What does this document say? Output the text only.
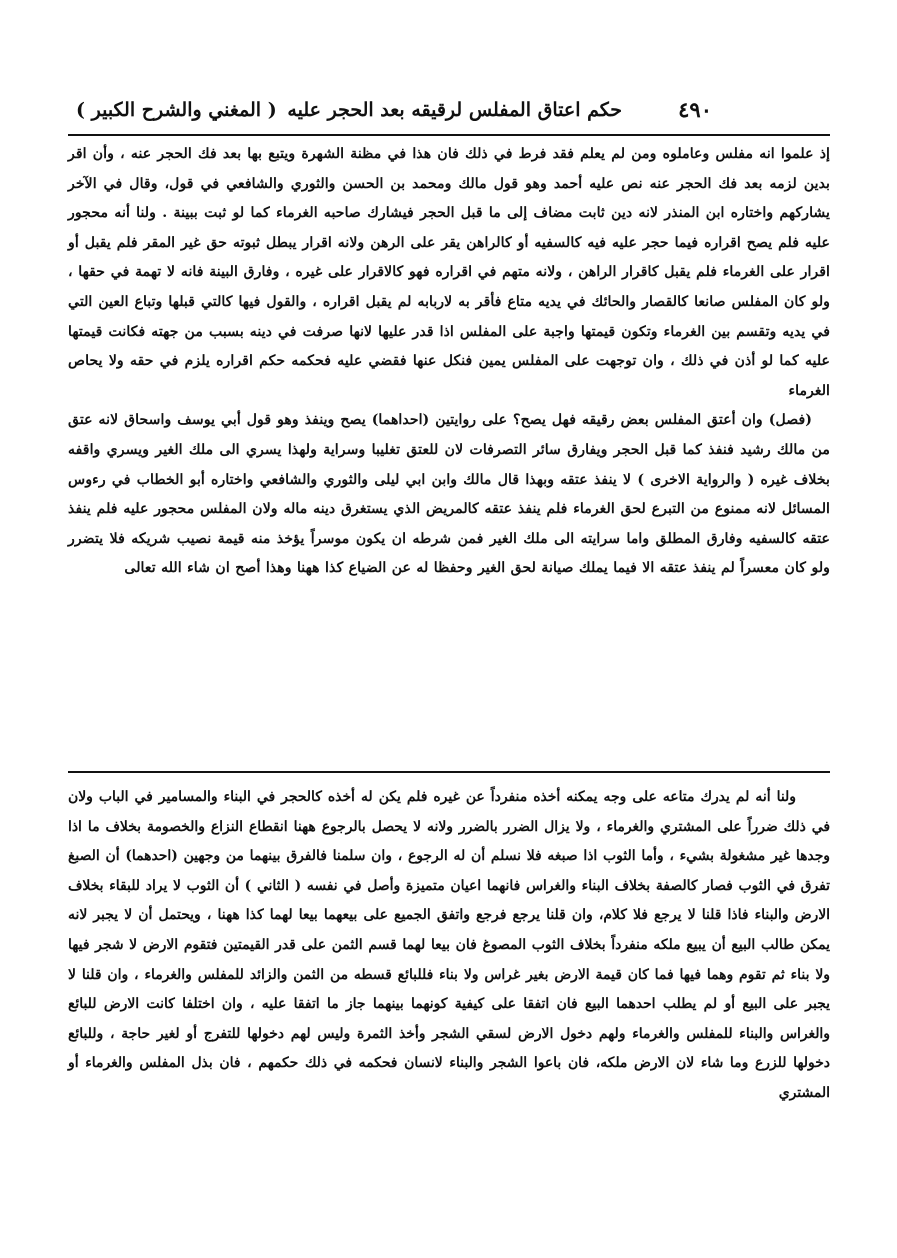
٤٩٠
حكم اعتاق المفلس لرقيقه بعد الحجر عليه
( المغني والشرح الكبير )

إذ علموا انه مفلس وعاملوه ومن لم يعلم فقد فرط في ذلك فان هذا في مظنة الشهرة ويتبع بها بعد فك الحجر عنه ، وأن اقر بدين لزمه بعد فك الحجر عنه نص عليه أحمد وهو قول مالك ومحمد بن الحسن والثوري والشافعي في قول، وقال في الآخر يشاركهم واختاره ابن المنذر لانه دين ثابت مضاف إلى ما قبل الحجر فيشارك صاحبه الغرماء كما لو ثبت ببينة . ولنا أنه محجور عليه فلم يصح اقراره فيما حجر عليه فيه كالسفيه أو كالراهن يقر على الرهن ولانه اقرار يبطل ثبوته حق غير المقر فلم يقبل أو اقرار على الغرماء فلم يقبل كاقرار الراهن ، ولانه متهم في اقراره فهو كالاقرار على غيره ، وفارق البينة فانه لا تهمة في حقها ، ولو كان المفلس صانعا كالقصار والحائك في يديه متاع فأقر به لاربابه لم يقبل اقراره ، والقول فيها كالتي قبلها وتباع العين التي في يديه وتقسم بين الغرماء وتكون قيمتها واجبة على المفلس اذا قدر عليها لانها صرفت في دينه بسبب من جهته فكانت قيمتها عليه كما لو أذن في ذلك ، وان توجهت على المفلس يمين فنكل عنها فقضي عليه فحكمه حكم اقراره يلزم في حقه ولا يحاص الغرماء

(فصل) وان أعتق المفلس بعض رقيقه فهل يصح؟ على روايتين (احداهما) يصح وينفذ وهو قول أبي يوسف واسحاق لانه عتق من مالك رشيد فنفذ كما قبل الحجر ويفارق سائر التصرفات لان للعتق تغليبا وسراية ولهذا يسري الى ملك الغير ويسري واقفه بخلاف غيره ( والرواية الاخرى ) لا ينفذ عتقه وبهذا قال مالك وابن ابي ليلى والثوري والشافعي واختاره أبو الخطاب في رءوس المسائل لانه ممنوع من التبرع لحق الغرماء فلم ينفذ عتقه كالمريض الذي يستغرق دينه ماله ولان المفلس محجور عليه فلم ينفذ عتقه كالسفيه وفارق المطلق واما سرايته الى ملك الغير فمن شرطه ان يكون موسراً يؤخذ منه قيمة نصيب شريكه فلا يتضرر ولو كان معسراً لم ينفذ عتقه الا فيما يملك صيانة لحق الغير وحفظا له عن الضياع كذا ههنا وهذا أصح ان شاء الله تعالى

ولنا أنه لم يدرك متاعه على وجه يمكنه أخذه منفرداً عن غيره فلم يكن له أخذه كالحجر في البناء والمسامير في الباب ولان في ذلك ضرراً على المشتري والغرماء ، ولا يزال الضرر بالضرر ولانه لا يحصل بالرجوع ههنا انقطاع النزاع والخصومة بخلاف ما اذا وجدها غير مشغولة بشيء ، وأما الثوب اذا صبغه فلا نسلم أن له الرجوع ، وان سلمنا فالفرق بينهما من وجهين (احدهما) أن الصبغ تفرق في الثوب فصار كالصفة بخلاف البناء والغراس فانهما اعيان متميزة وأصل في نفسه ( الثاني ) أن الثوب لا يراد للبقاء بخلاف الارض والبناء فاذا قلنا لا يرجع فلا كلام، وان قلنا يرجع فرجع واتفق الجميع على بيعهما بيعا لهما كذا ههنا ، ويحتمل أن لا يجبر لانه يمكن طالب البيع أن يبيع ملكه منفرداً بخلاف الثوب المصوغ فان بيعا لهما قسم الثمن على قدر القيمتين فتقوم الارض لا شجر فيها ولا بناء ثم تقوم وهما فيها فما كان قيمة الارض بغير غراس ولا بناء فللبائع قسطه من الثمن والزائد للمفلس والغرماء ، وان قلنا لا يجبر على البيع أو لم يطلب احدهما البيع فان اتفقا على كيفية كونهما بينهما جاز ما اتفقا عليه ، وان اختلفا كانت الارض للبائع والغراس والبناء للمفلس والغرماء ولهم دخول الارض لسقي الشجر وأخذ الثمرة وليس لهم دخولها للتفرج أو لغير حاجة ، وللبائع دخولها للزرع وما شاء لان الارض ملكه، فان باعوا الشجر والبناء لانسان فحكمه في ذلك حكمهم ، فان بذل المفلس والغرماء أو المشتري
